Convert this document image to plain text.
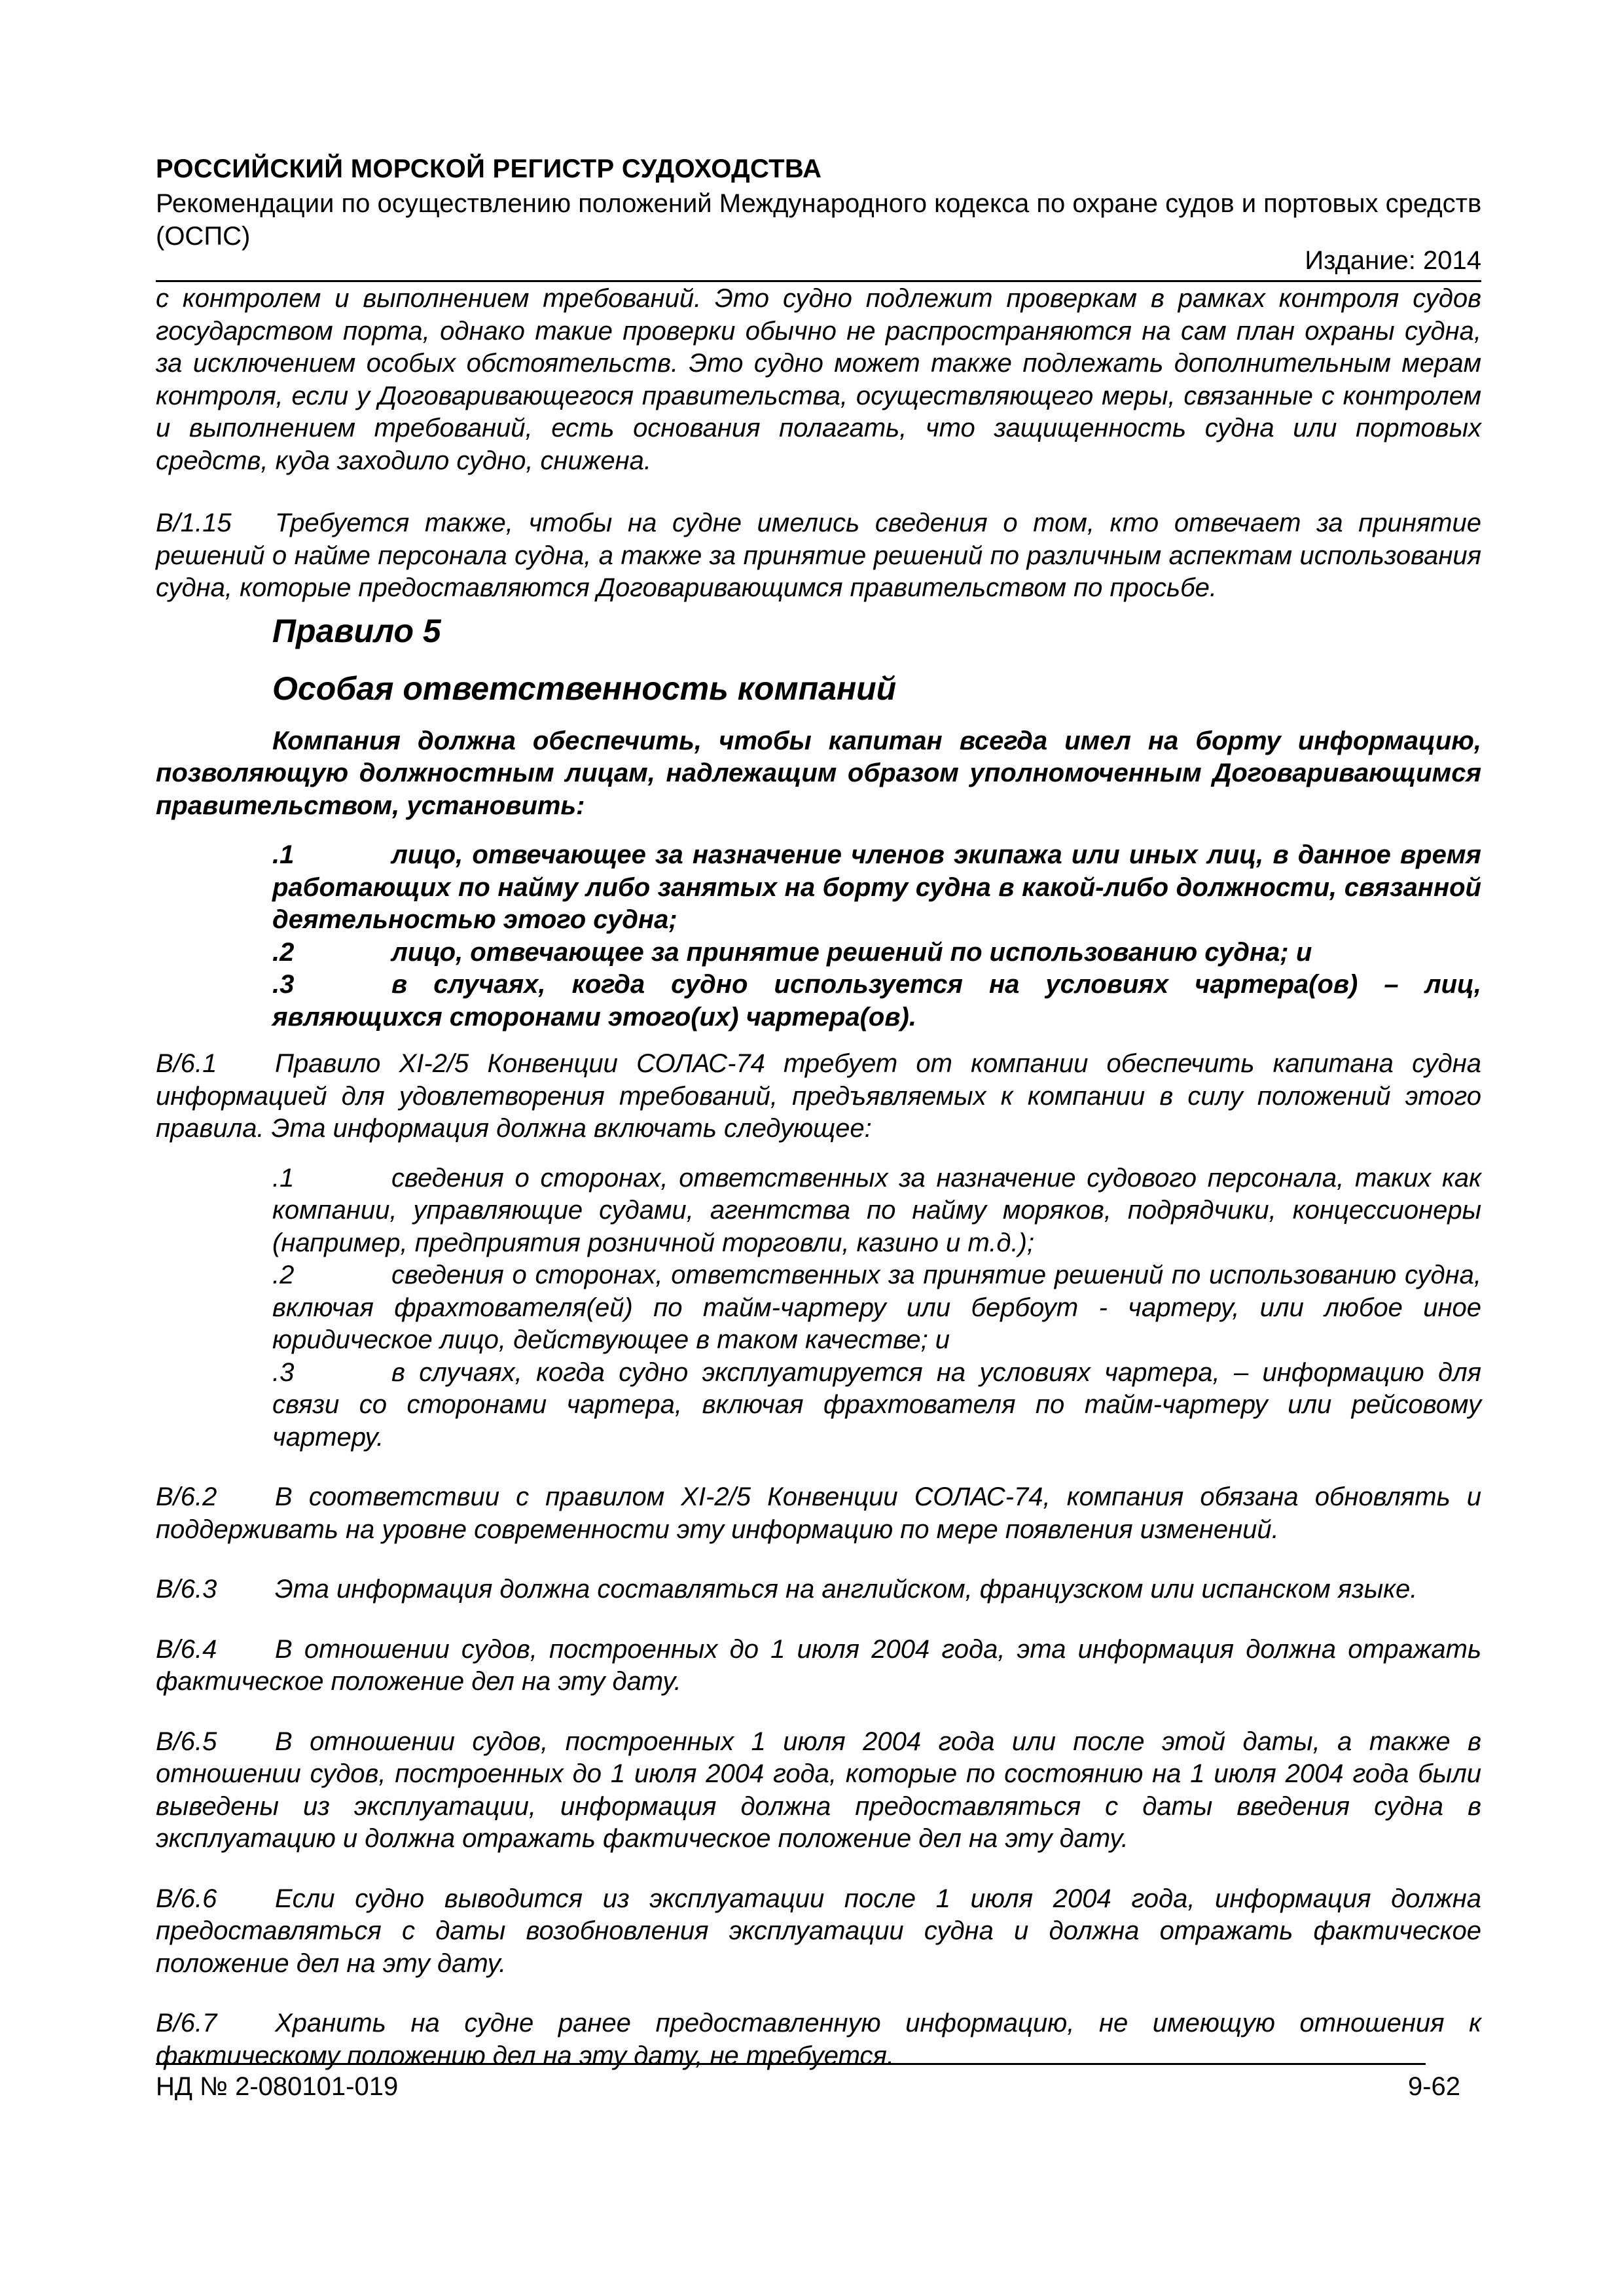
РОССИЙСКИЙ МОРСКОЙ РЕГИСТР СУДОХОДСТВА
Рекомендации по осуществлению положений Международного кодекса по охране судов и портовых средств (ОСПС)
Издание: 2014

с контролем и выполнением требований. Это судно подлежит проверкам в рамках контроля судов государством порта, однако такие проверки обычно не распространяются на сам план охраны судна, за исключением особых обстоятельств. Это судно может также подлежать дополнительным мерам контроля, если у Договаривающегося правительства, осуществляющего меры, связанные с контролем и выполнением требований, есть основания полагать, что защищенность судна или портовых средств, куда заходило судно, снижена.

B/1.15 Требуется также, чтобы на судне имелись сведения о том, кто отвечает за принятие решений о найме персонала судна, а также за принятие решений по различным аспектам использования судна, которые предоставляются Договаривающимся правительством по просьбе.

Правило 5
Особая ответственность компаний

Компания должна обеспечить, чтобы капитан всегда имел на борту информацию, позволяющую должностным лицам, надлежащим образом уполномоченным Договаривающимся правительством, установить:

.1	лицо, отвечающее за назначение членов экипажа или иных лиц, в данное время работающих по найму либо занятых на борту судна в какой-либо должности, связанной деятельностью этого судна;

.2	лицо, отвечающее за принятие решений по использованию судна; и

.3	в случаях, когда судно используется на условиях чартера(ов) – лиц, являющихся сторонами этого(их) чартера(ов).

B/6.1 Правило XI-2/5 Конвенции СОЛАС-74 требует от компании обеспечить капитана судна информацией для удовлетворения требований, предъявляемых к компании в силу положений этого правила. Эта информация должна включать следующее:

.1	сведения о сторонах, ответственных за назначение судового персонала, таких как компании, управляющие судами, агентства по найму моряков, подрядчики, концессионеры (например, предприятия розничной торговли, казино и т.д.);

.2	сведения о сторонах, ответственных за принятие решений по использованию судна, включая фрахтователя(ей) по тайм-чартеру или бербоут - чартеру, или любое иное юридическое лицо, действующее в таком качестве; и

.3	в случаях, когда судно эксплуатируется на условиях чартера, – информацию для связи со сторонами чартера, включая фрахтователя по тайм-чартеру или рейсовому чартеру.

B/6.2 В соответствии с правилом XI-2/5 Конвенции СОЛАС-74, компания обязана обновлять и поддерживать на уровне современности эту информацию по мере появления изменений.

B/6.3 Эта информация должна составляться на английском, французском или испанском языке.

B/6.4 В отношении судов, построенных до 1 июля 2004 года, эта информация должна отражать фактическое положение дел на эту дату.

B/6.5 В отношении судов, построенных 1 июля 2004 года или после этой даты, а также в отношении судов, построенных до 1 июля 2004 года, которые по состоянию на 1 июля 2004 года были выведены из эксплуатации, информация должна предоставляться с даты введения судна в эксплуатацию и должна отражать фактическое положение дел на эту дату.

B/6.6 Если судно выводится из эксплуатации после 1 июля 2004 года, информация должна предоставляться с даты возобновления эксплуатации судна и должна отражать фактическое положение дел на эту дату.

B/6.7 Хранить на судне ранее предоставленную информацию, не имеющую отношения к фактическому положению дел на эту дату, не требуется.

НД № 2-080101-019	9-62
